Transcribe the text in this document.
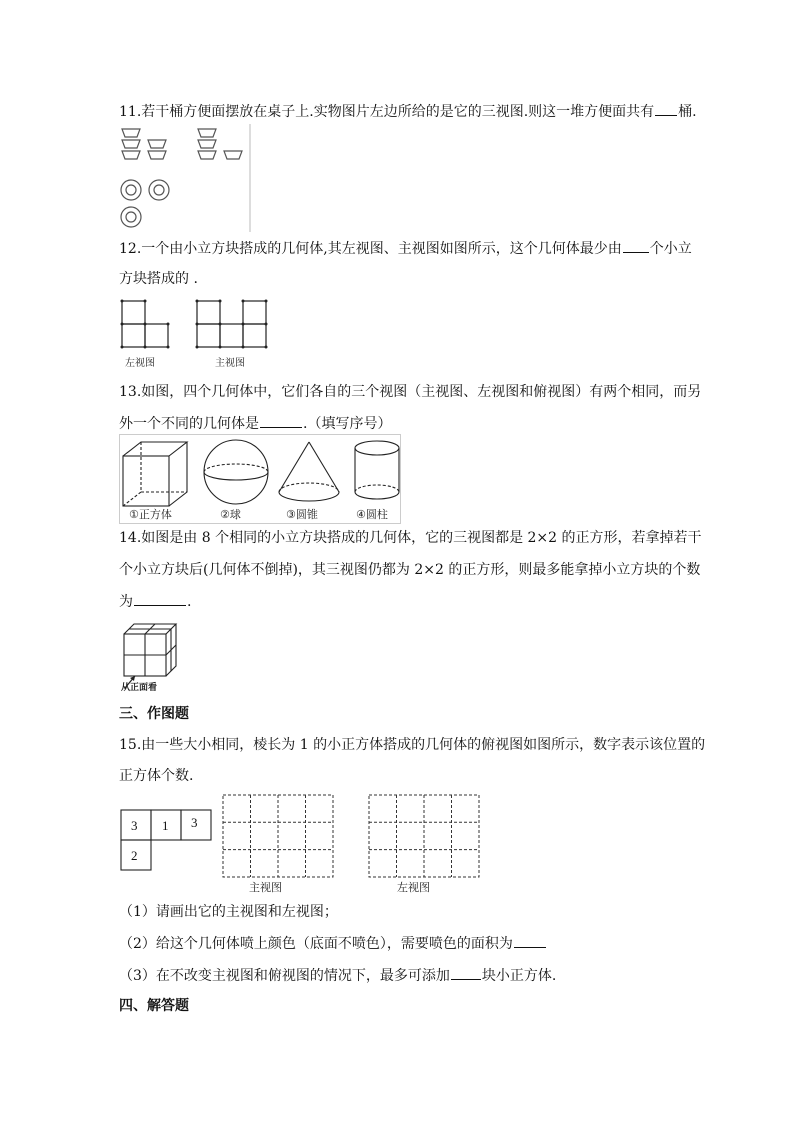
11.若干桶方便面摆放在桌子上.实物图片左边所给的是它的三视图.则这一堆方便面共有 桶.
12.一个由小立方块搭成的几何体,其左视图、主视图如图所示，这个几何体最少由 个小立
方块搭成的 .
左视图	主视图
13.如图，四个几何体中，它们各自的三个视图（主视图、左视图和俯视图）有两个相同，而另
外一个不同的几何体是	.（填写序号）
①正方体	②球	③圆锥	④圆柱
14.如图是由 8 个相同的小立方块搭成的几何体，它的三视图都是 2×2 的正方形，若拿掉若干
个小立方块后(几何体不倒掉)，其三视图仍都为 2×2 的正方形，则最多能拿掉小立方块的个数
为	.
从正面看
三、作图题
15.由一些大小相同，棱长为 1 的小正方体搭成的几何体的俯视图如图所示，数字表示该位置的
正方体个数.
3 1 3
2
主视图	左视图
（1）请画出它的主视图和左视图；
（2）给这个几何体喷上颜色（底面不喷色），需要喷色的面积为
（3）在不改变主视图和俯视图的情况下，最多可添加 块小正方体.
四、解答题
